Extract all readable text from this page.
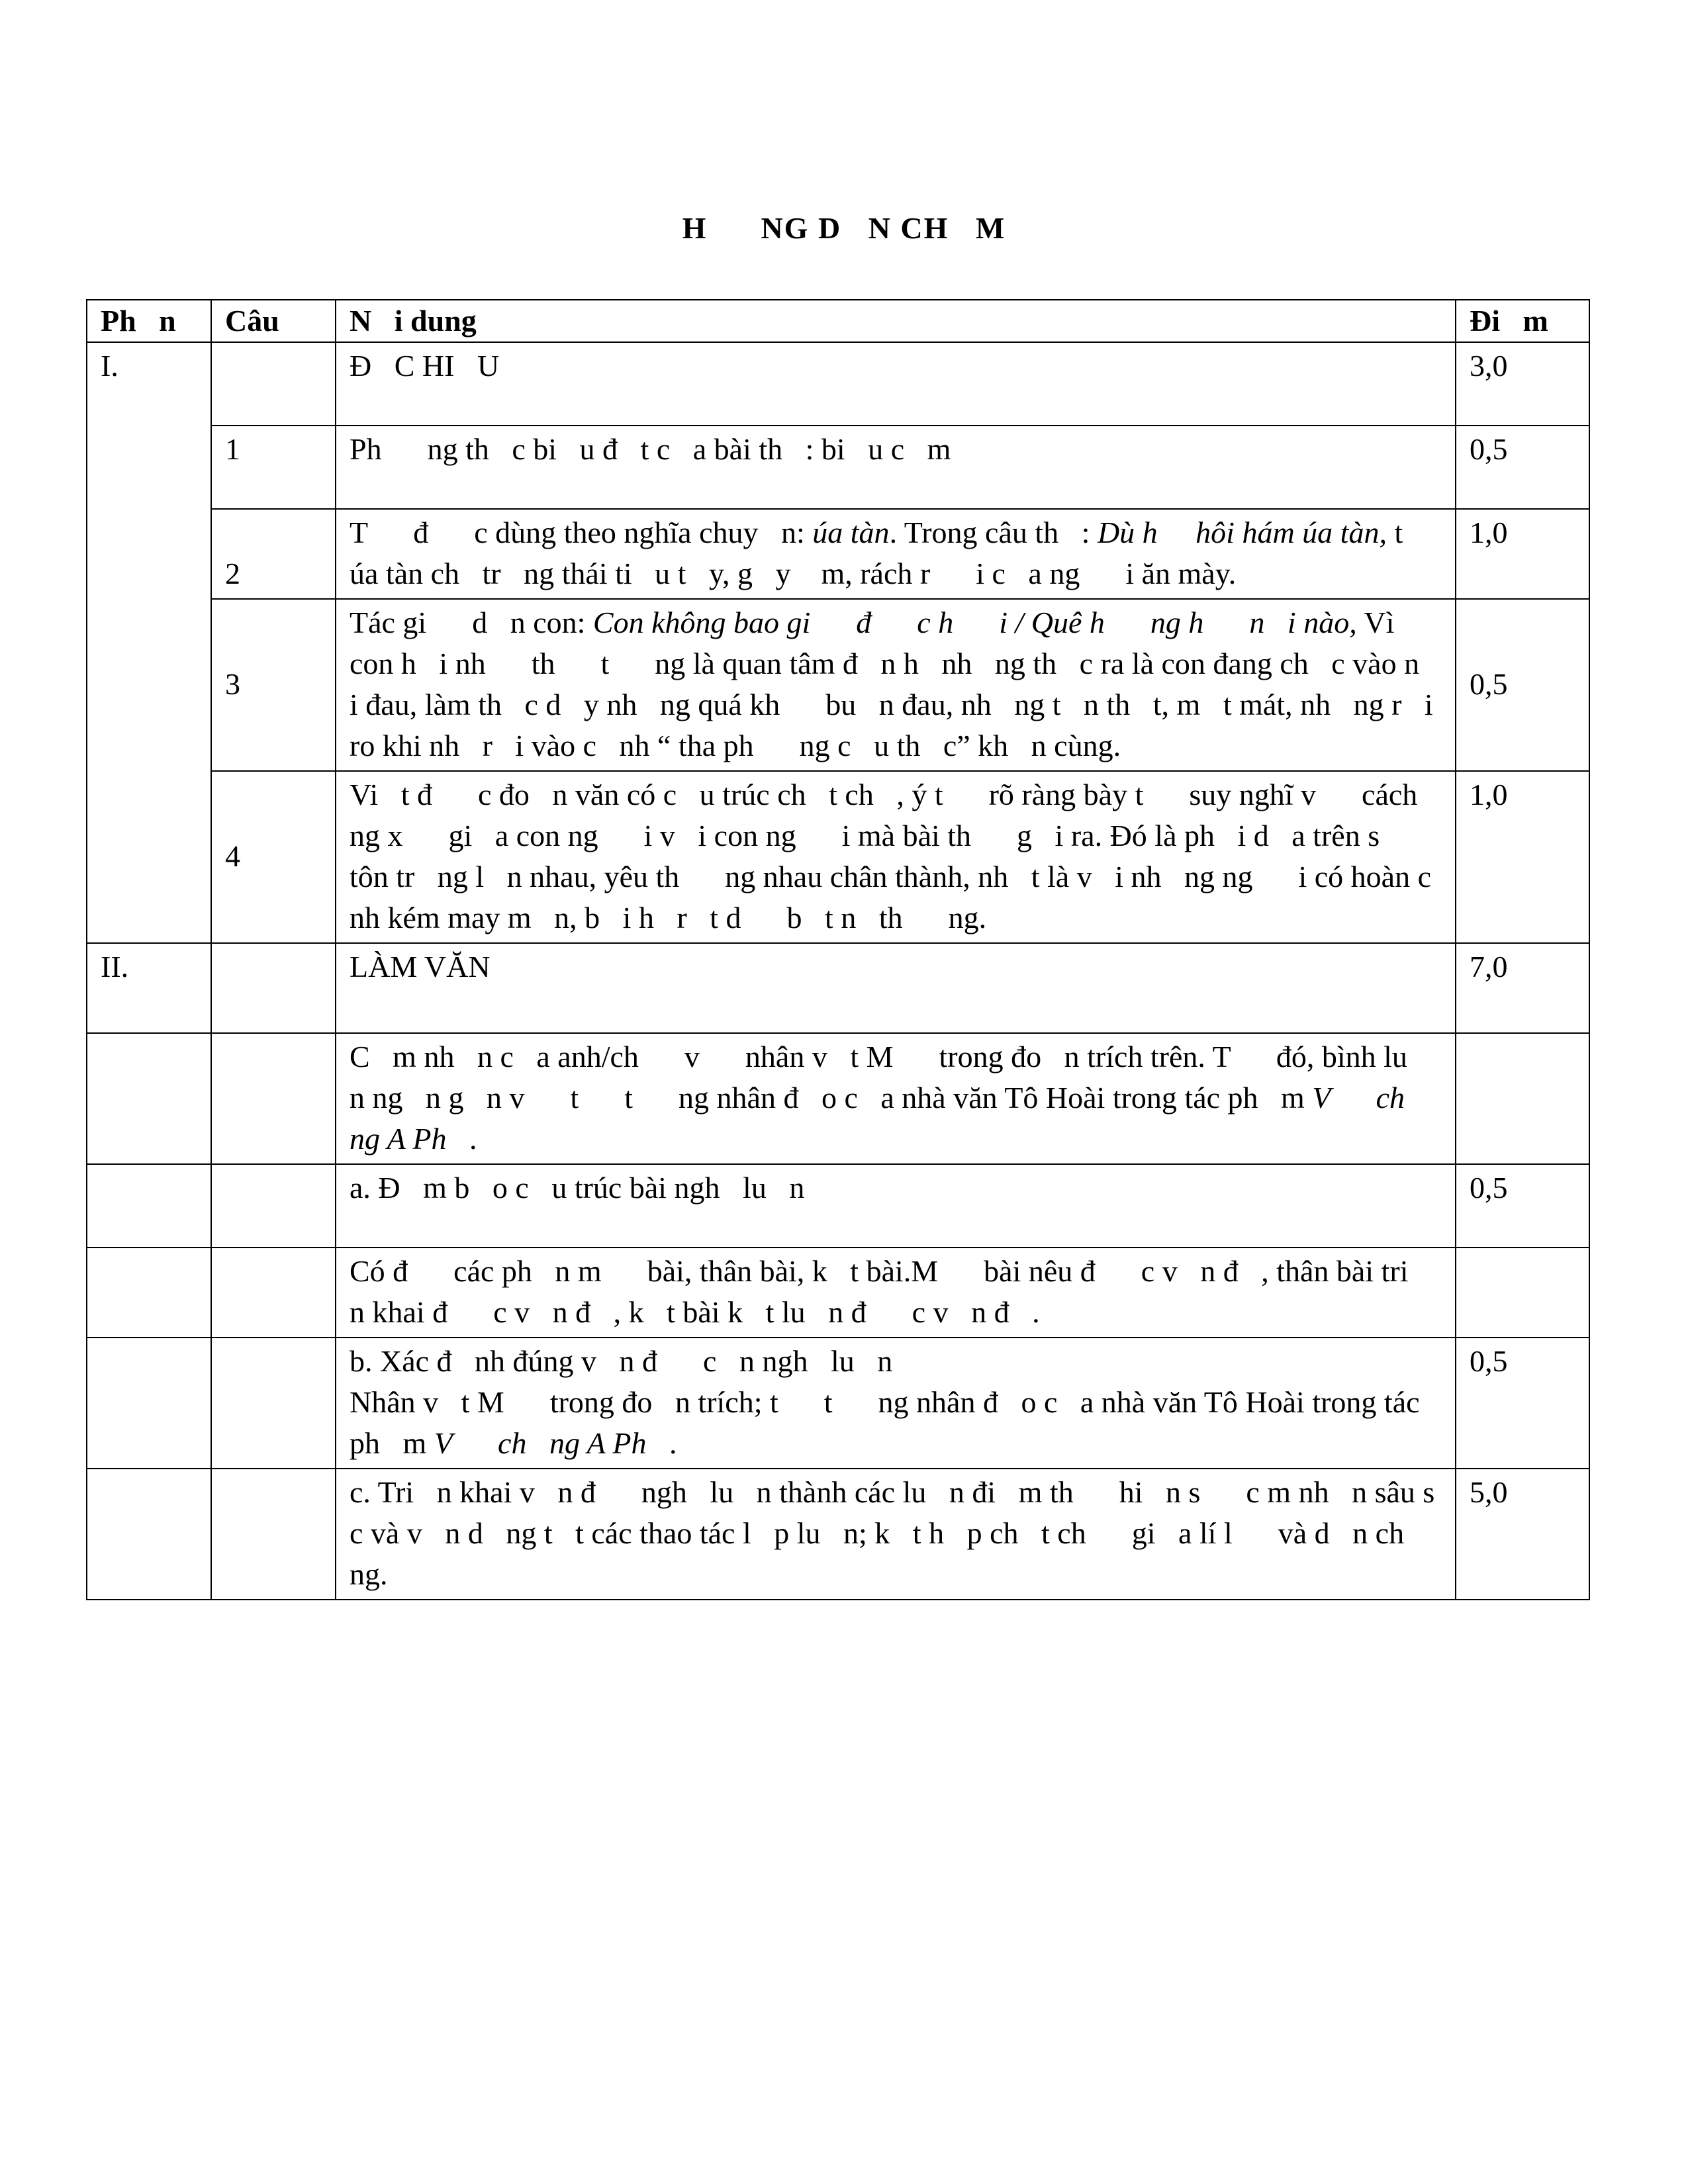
H      NG D   N CH   M
Ph   n	Câu	N   i dung	Đi   m
I.		Đ   C HI   U	3,0
	1	Ph      ng th   c bi   u đ   t c   a bài th   : bi   u c   m	0,5
	2	T      đ      c dùng theo nghĩa chuy   n: úa tàn. Trong câu th   : Dù h     hôi hám úa tàn, t      úa tàn ch   tr   ng thái ti   u t   y, g   y    m, rách r      i c   a ng      i ăn mày.	1,0
	3	Tác gi      d   n con: Con không bao gi      đ      c h      i / Quê h      ng h      n   i nào, Vì con h   i nh      th      t      ng là quan tâm đ   n h   nh   ng th   c ra là con đang ch   c vào n   i đau, làm th   c d   y nh   ng quá kh      bu   n đau, nh   ng t   n th   t, m   t mát, nh   ng r   i ro khi nh   r   i vào c   nh “ tha ph      ng c   u th   c” kh   n cùng.	0,5
	4	Vi   t đ      c đo   n văn có c   u trúc ch   t ch   , ý t      rõ ràng bày t      suy nghĩ v      cách    ng x      gi   a con ng      i v   i con ng      i mà bài th      g   i ra. Đó là ph   i d   a trên s      tôn tr   ng l   n nhau, yêu th      ng nhau chân thành, nh   t là v   i nh   ng ng      i có hoàn c   nh kém may m   n, b   i h   r   t d      b   t n   th      ng.	1,0
II.		LÀM VĂN	7,0
		C   m nh   n c   a anh/ch      v      nhân v   t M      trong đo   n trích trên. T      đó, bình lu   n ng   n g   n v      t      t      ng nhân đ   o c   a nhà văn Tô Hoài trong tác ph   m V      ch   ng A Ph   .	
		a. Đ   m b   o c   u trúc bài ngh   lu   n	0,5
		Có đ      các ph   n m      bài, thân bài, k   t bài.M      bài nêu đ      c v   n đ   , thân bài tri   n khai đ      c v   n đ   , k   t bài k   t lu   n đ      c v   n đ   .	
		b. Xác đ   nh đúng v   n đ      c   n ngh   lu   n
Nhân v   t M      trong đo   n trích; t      t      ng nhân đ   o c   a nhà văn Tô Hoài trong tác ph   m V      ch   ng A Ph   .	0,5
		c. Tri   n khai v   n đ      ngh   lu   n thành các lu   n đi   m th      hi   n s      c m nh   n sâu s   c và v   n d   ng t   t các thao tác l   p lu   n; k   t h   p ch   t ch      gi   a lí l      và d   n ch   ng.	5,0
